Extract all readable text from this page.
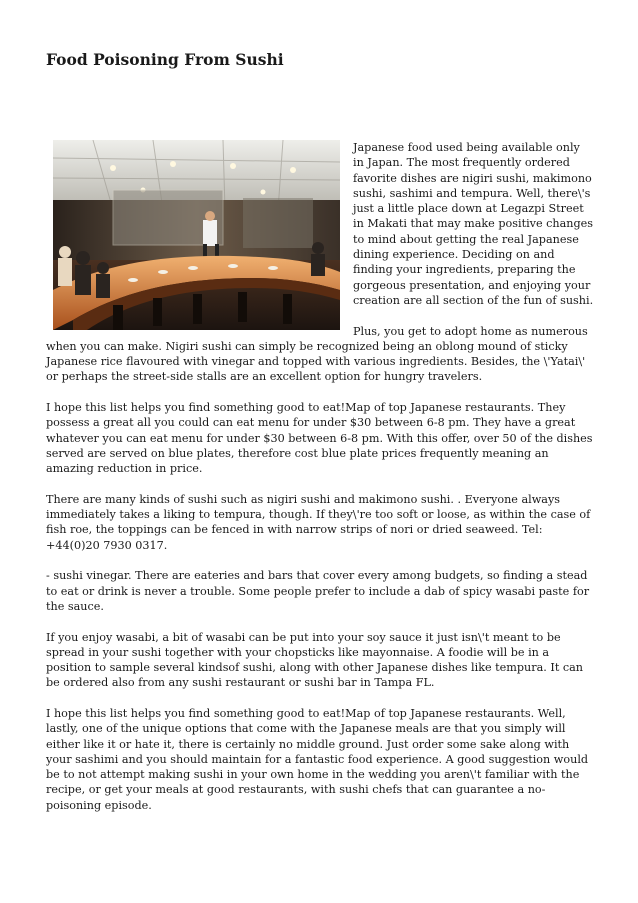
Food Poisoning From Sushi

Japanese food used being available only in Japan. The most frequently ordered favorite dishes are nigiri sushi, makimono sushi, sashimi and tempura. Well, there\'s just a little place down at Legazpi Street in Makati that may make positive changes to mind about getting the real Japanese dining experience. Deciding on and finding your ingredients, preparing the gorgeous presentation, and enjoying your creation are all section of the fun of sushi.

Plus, you get to adopt home as numerous when you can make. Nigiri sushi can simply be recognized being an oblong mound of sticky Japanese rice flavoured with vinegar and topped with various ingredients. Besides, the \'Yatai\' or perhaps the street-side stalls are an excellent option for hungry travelers.

I hope this list helps you find something good to eat!Map of top Japanese restaurants. They possess a great all you could can eat menu for under $30 between 6-8 pm. They have a great whatever you can eat menu for under $30 between 6-8 pm. With this offer, over 50 of the dishes served are served on blue plates, therefore cost blue plate prices frequently meaning an amazing reduction in price.

There are many kinds of sushi such as nigiri sushi and makimono sushi. . Everyone always immediately takes a liking to tempura, though. If they\'re too soft or loose, as within the case of fish roe, the toppings can be fenced in with narrow strips of nori or dried seaweed. Tel: +44(0)20 7930 0317.

- sushi vinegar. There are eateries and bars that cover every among budgets, so finding a stead to eat or drink is never a trouble. Some people prefer to include a dab of spicy wasabi paste for the sauce.

If you enjoy wasabi, a bit of wasabi can be put into your soy sauce it just isn\'t meant to be spread in your sushi together with your chopsticks like mayonnaise. A foodie will be in a position to sample several kindsof sushi, along with other Japanese dishes like tempura. It can be ordered also from any sushi restaurant or sushi bar in Tampa FL.

I hope this list helps you find something good to eat!Map of top Japanese restaurants. Well, lastly, one of the unique options that come with the Japanese meals are that you simply will either like it or hate it, there is certainly no middle ground. Just order some sake along with your sashimi and you should maintain for a fantastic food experience. A good suggestion would be to not attempt making sushi in your own home in the wedding you aren\'t familiar with the recipe, or get your meals at good restaurants, with sushi chefs that can guarantee a no-poisoning episode.
